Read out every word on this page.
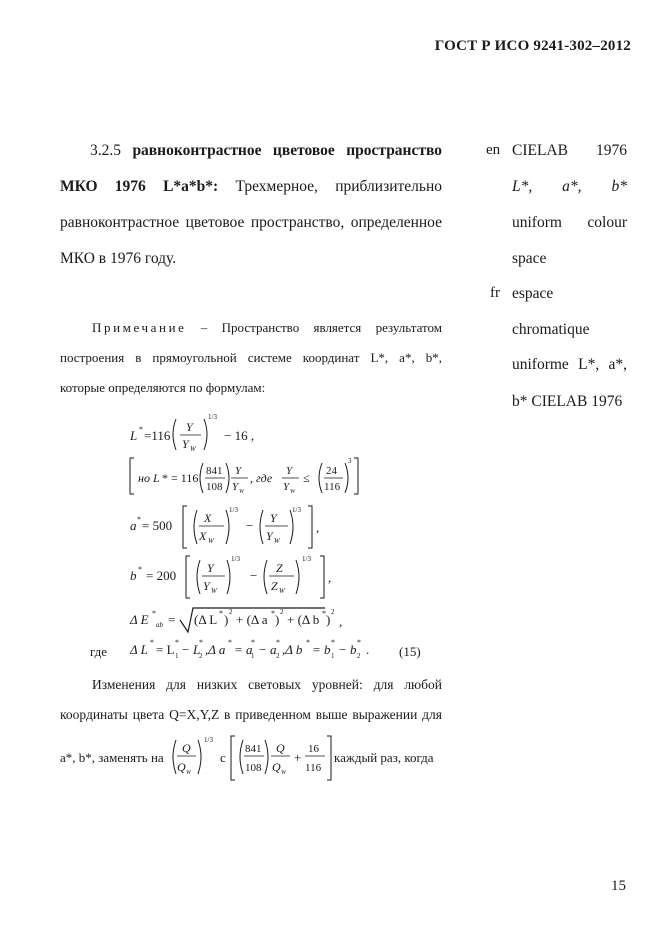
ГОСТ Р ИСО 9241-302–2012
3.2.5 равноконтрастное цветовое пространство
МКО 1976 L*a*b*: Трехмерное, приблизительно
равноконтрастное цветовое пространство, определенное
МКО в 1976 году.
en CIELAB 1976
L*, a*, b*
uniform colour
space
fr espace
chromatique
uniforme L*, a*,
b* CIELAB 1976
Примечание – Пространство является результатом
построения в прямоугольной системе координат L*, a*, b*,
которые определяются по формулам:
L * =116
Y
Y W
1/3
− 16 ,
но L * = 116 841
108
Y
Y W
, где Y
Y W
≤ 24
116
3
a * = 500	X
X W
1/3
− Y
Y W
1/3
,
b * = 200	Y
Y W
1/3
− Z
Z W
1/3
,
Δ E *
ab = (Δ L * ) 2 + (Δ a * ) 2 + (Δ b * ) 2
,
где Δ L * = L *
1 − L
*
2 ,Δ a * = a
*
1 − a *
2 ,Δ b * = b *
1 − b *
2 . (15)
Изменения для низких световых уровней: для любой
координаты цвета Q=X,Y,Z в приведенном выше выражении для
a*, b*, заменять на
Q
Q W
1/3
с
841
108
Q
Q W
+
16
116
каждый раз, когда
15
